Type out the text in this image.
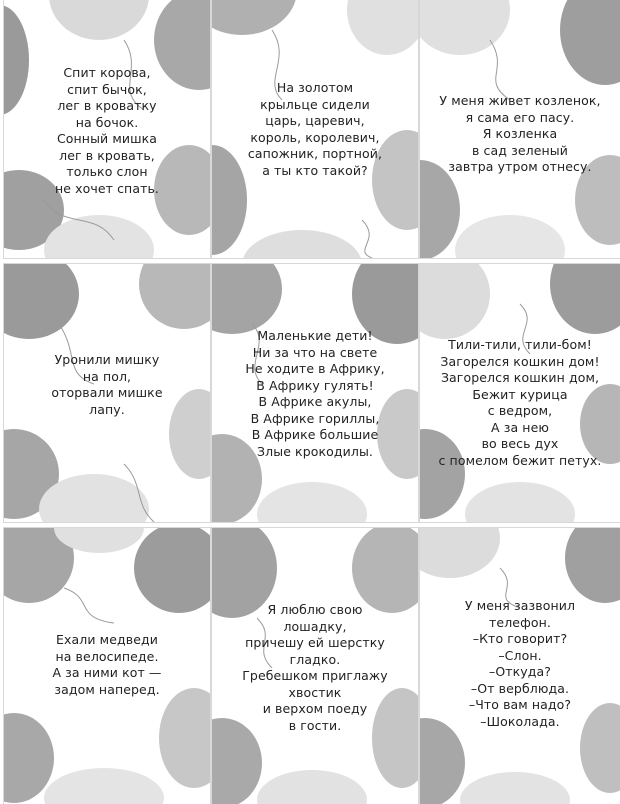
Спит корова,
спит бычок,
лег в кроватку
на бочок.
Сонный мишка
лег в кровать,
только слон
не хочет спать.
На золотом
крыльце сидели
царь, царевич,
король, королевич,
сапожник, портной,
а ты кто такой?
У меня живет козленок,
я сама его пасу.
Я козленка
в сад зеленый
завтра утром отнесу.
Уронили мишку
на пол,
оторвали мишке
лапу.
Маленькие дети!
Ни за что на свете
Не ходите в Африку,
В Африку гулять!
В Африке акулы,
В Африке гориллы,
В Африке большие
Злые крокодилы.
Тили-тили, тили-бом!
Загорелся кошкин дом!
Загорелся кошкин дом,
Бежит курица
с ведром,
А за нею
во весь дух
с помелом бежит петух.
Ехали медведи
на велосипеде.
А за ними кот —
задом наперед.
Я люблю свою
лошадку,
причешу ей шерстку
гладко.
Гребешком приглажу
хвостик
и верхом поеду
в гости.
У меня зазвонил
телефон.
–Кто говорит?
–Слон.
–Откуда?
–От верблюда.
–Что вам надо?
–Шоколада.
